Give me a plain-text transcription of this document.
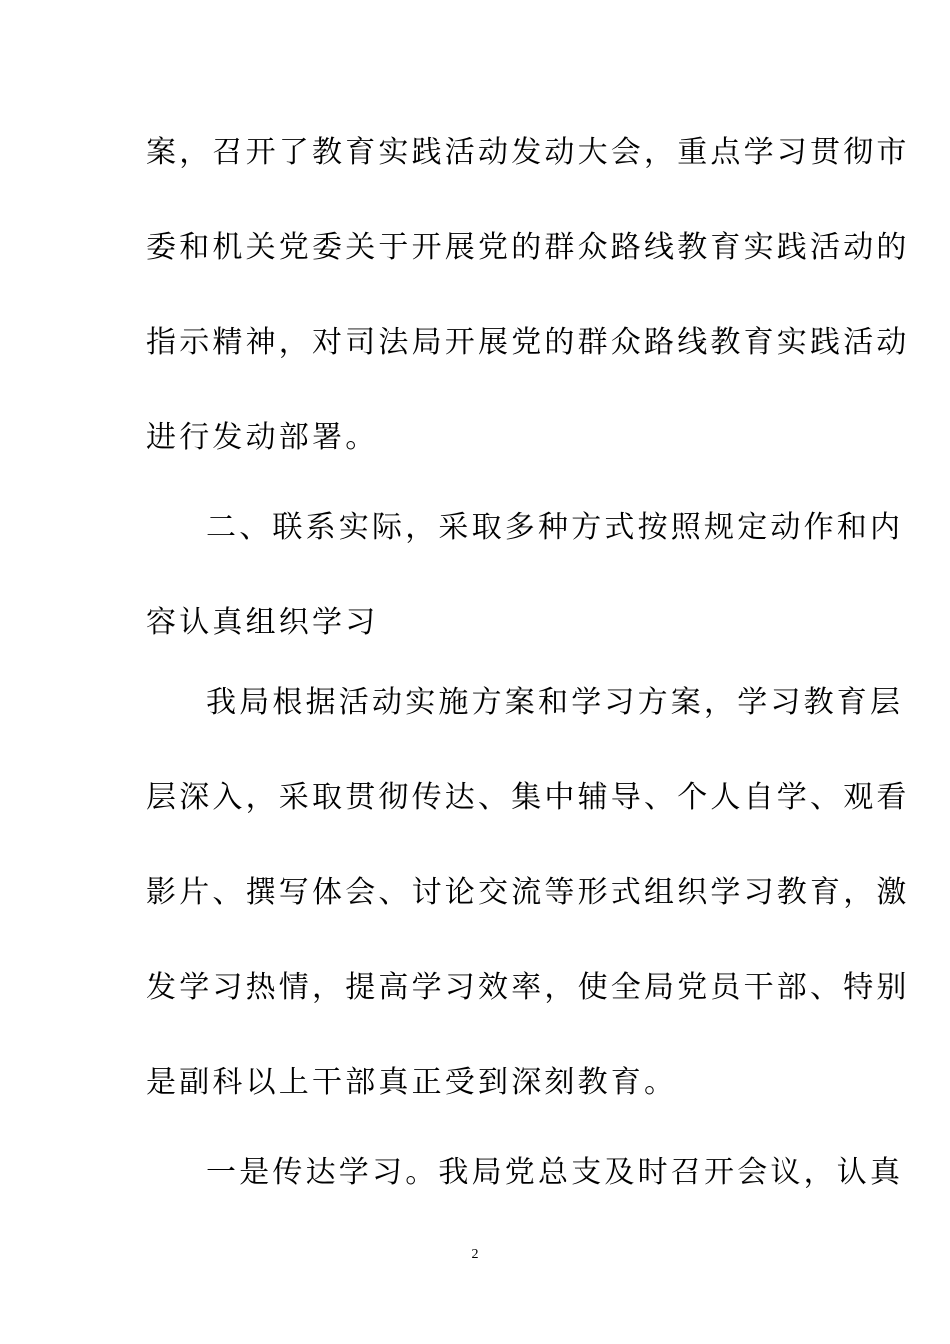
案，召开了教育实践活动发动大会，重点学习贯彻市
委和机关党委关于开展党的群众路线教育实践活动的
指示精神，对司法局开展党的群众路线教育实践活动
进行发动部署。
二、联系实际，采取多种方式按照规定动作和内
容认真组织学习
我局根据活动实施方案和学习方案，学习教育层
层深入，采取贯彻传达、集中辅导、个人自学、观看
影片、撰写体会、讨论交流等形式组织学习教育，激
发学习热情，提高学习效率，使全局党员干部、特别
是副科以上干部真正受到深刻教育。
一是传达学习。我局党总支及时召开会议，认真
2
